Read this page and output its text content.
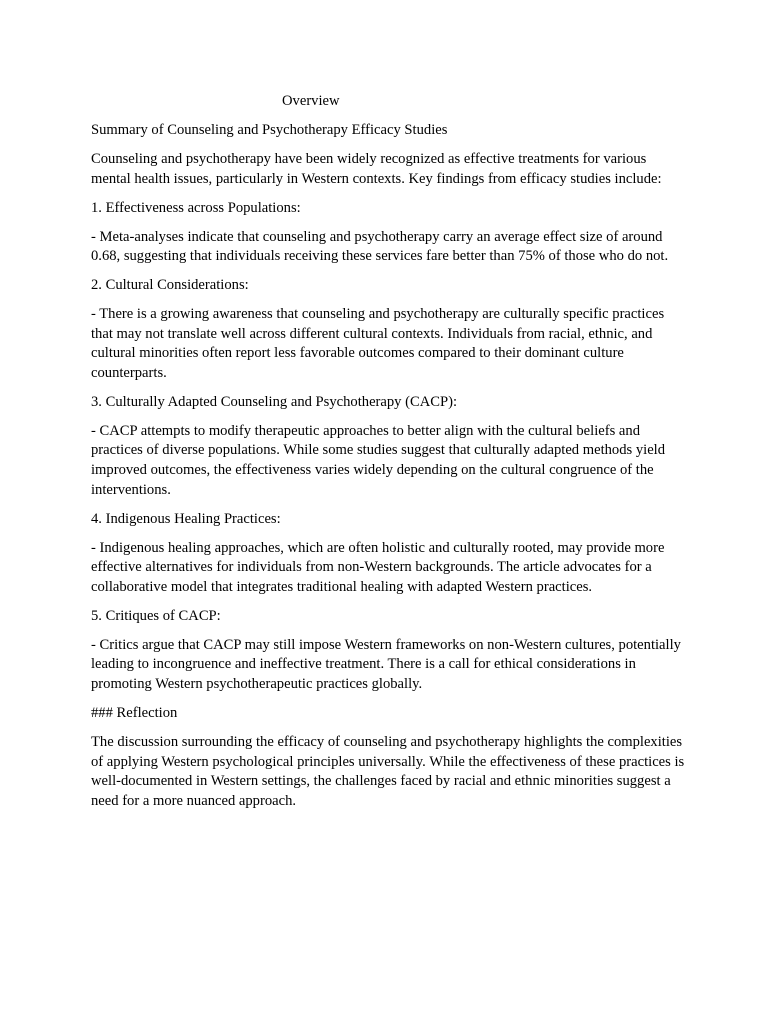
Overview

Summary of Counseling and Psychotherapy Efficacy Studies

Counseling and psychotherapy have been widely recognized as effective treatments for various mental health issues, particularly in Western contexts. Key findings from efficacy studies include:

1. Effectiveness across Populations:

- Meta-analyses indicate that counseling and psychotherapy carry an average effect size of around 0.68, suggesting that individuals receiving these services fare better than 75% of those who do not.

2. Cultural Considerations:

- There is a growing awareness that counseling and psychotherapy are culturally specific practices that may not translate well across different cultural contexts. Individuals from racial, ethnic, and cultural minorities often report less favorable outcomes compared to their dominant culture counterparts.

3. Culturally Adapted Counseling and Psychotherapy (CACP):

- CACP attempts to modify therapeutic approaches to better align with the cultural beliefs and practices of diverse populations. While some studies suggest that culturally adapted methods yield improved outcomes, the effectiveness varies widely depending on the cultural congruence of the interventions.

4. Indigenous Healing Practices:

- Indigenous healing approaches, which are often holistic and culturally rooted, may provide more effective alternatives for individuals from non-Western backgrounds. The article advocates for a collaborative model that integrates traditional healing with adapted Western practices.

5. Critiques of CACP:

- Critics argue that CACP may still impose Western frameworks on non-Western cultures, potentially leading to incongruence and ineffective treatment. There is a call for ethical considerations in promoting Western psychotherapeutic practices globally.

### Reflection

The discussion surrounding the efficacy of counseling and psychotherapy highlights the complexities of applying Western psychological principles universally. While the effectiveness of these practices is well-documented in Western settings, the challenges faced by racial and ethnic minorities suggest a need for a more nuanced approach.
